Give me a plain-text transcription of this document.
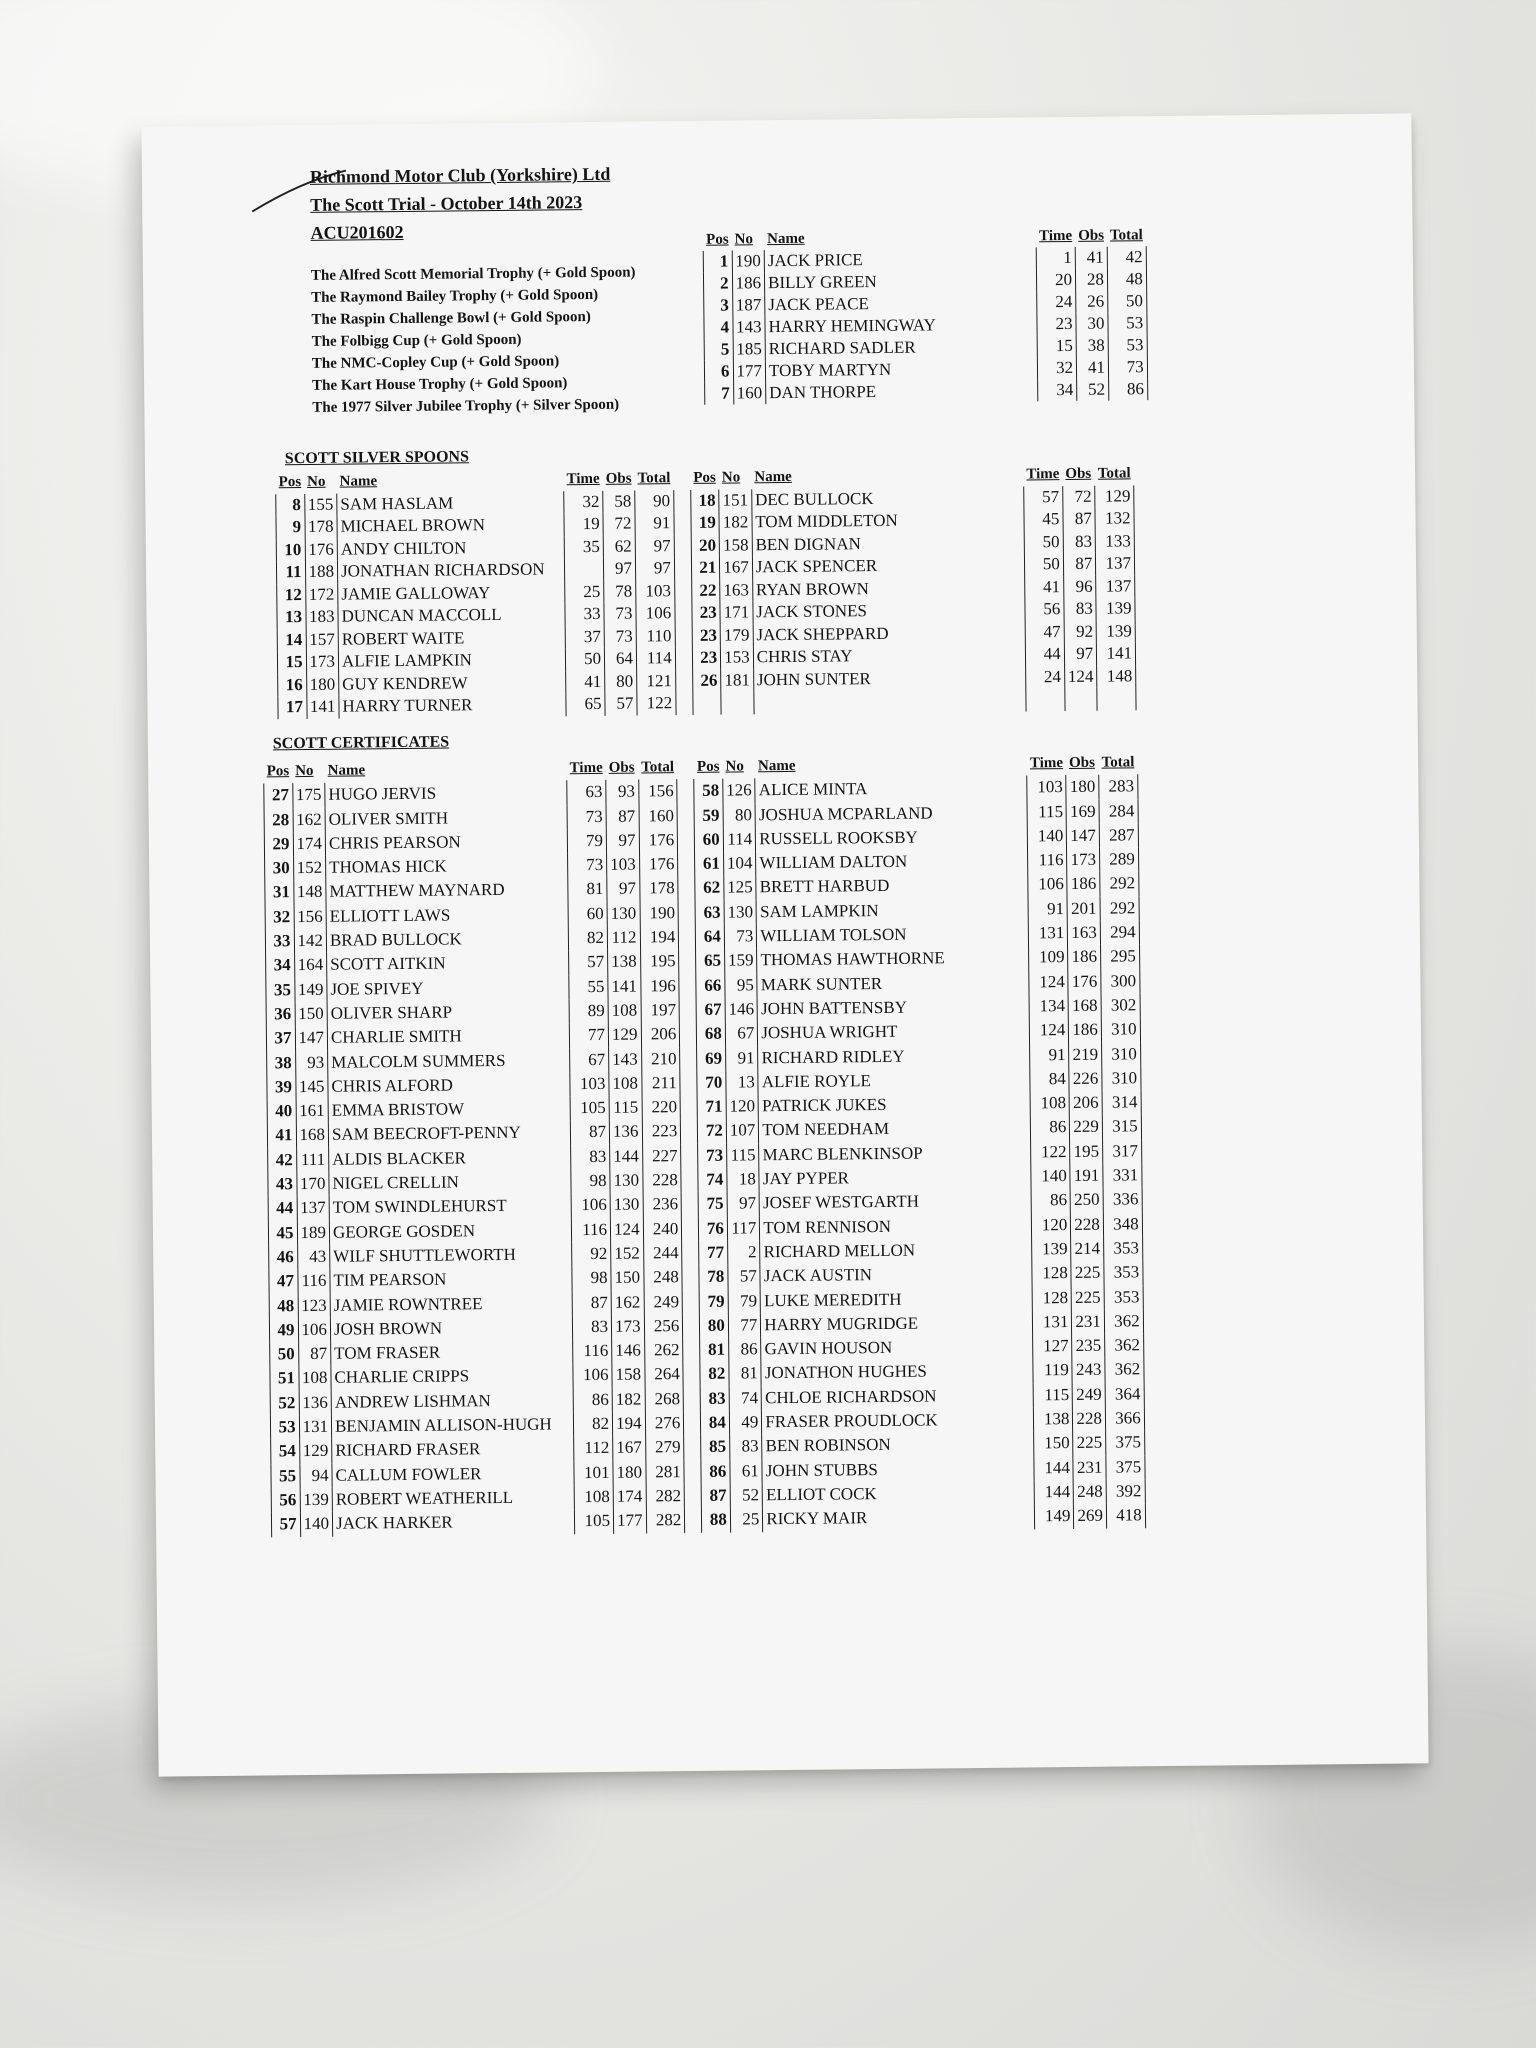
Richmond Motor Club (Yorkshire) Ltd
The Scott Trial - October 14th 2023
ACU201602
The Alfred Scott Memorial Trophy (+ Gold Spoon)
The Raymond Bailey Trophy (+ Gold Spoon)
The Raspin Challenge Bowl (+ Gold Spoon)
The Folbigg Cup (+ Gold Spoon)
The NMC-Copley Cup (+ Gold Spoon)
The Kart House Trophy (+ Gold Spoon)
The 1977 Silver Jubilee Trophy (+ Silver Spoon)
Pos	No	Name	Time	Obs	Total
1	190	JACK PRICE	1	41	42
2	186	BILLY GREEN	20	28	48
3	187	JACK PEACE	24	26	50
4	143	HARRY HEMINGWAY	23	30	53
5	185	RICHARD SADLER	15	38	53
6	177	TOBY MARTYN	32	41	73
7	160	DAN THORPE	34	52	86
SCOTT SILVER SPOONS
Pos	No	Name	Time	Obs	Total		Pos	No	Name	Time	Obs	Total
8	155	SAM HASLAM	32	58	90		18	151	DEC BULLOCK	57	72	129
9	178	MICHAEL BROWN	19	72	91		19	182	TOM MIDDLETON	45	87	132
10	176	ANDY CHILTON	35	62	97		20	158	BEN DIGNAN	50	83	133
11	188	JONATHAN RICHARDSON		97	97		21	167	JACK SPENCER	50	87	137
12	172	JAMIE GALLOWAY	25	78	103		22	163	RYAN BROWN	41	96	137
13	183	DUNCAN MACCOLL	33	73	106		23	171	JACK STONES	56	83	139
14	157	ROBERT WAITE	37	73	110		23	179	JACK SHEPPARD	47	92	139
15	173	ALFIE LAMPKIN	50	64	114		23	153	CHRIS STAY	44	97	141
16	180	GUY KENDREW	41	80	121		26	181	JOHN SUNTER	24	124	148
17	141	HARRY TURNER	65	57	122							
SCOTT CERTIFICATES
Pos	No	Name	Time	Obs	Total		Pos	No	Name	Time	Obs	Total
27	175	HUGO JERVIS	63	93	156		58	126	ALICE MINTA	103	180	283
28	162	OLIVER SMITH	73	87	160		59	80	JOSHUA MCPARLAND	115	169	284
29	174	CHRIS PEARSON	79	97	176		60	114	RUSSELL ROOKSBY	140	147	287
30	152	THOMAS HICK	73	103	176		61	104	WILLIAM DALTON	116	173	289
31	148	MATTHEW MAYNARD	81	97	178		62	125	BRETT HARBUD	106	186	292
32	156	ELLIOTT LAWS	60	130	190		63	130	SAM LAMPKIN	91	201	292
33	142	BRAD BULLOCK	82	112	194		64	73	WILLIAM TOLSON	131	163	294
34	164	SCOTT AITKIN	57	138	195		65	159	THOMAS HAWTHORNE	109	186	295
35	149	JOE SPIVEY	55	141	196		66	95	MARK SUNTER	124	176	300
36	150	OLIVER SHARP	89	108	197		67	146	JOHN BATTENSBY	134	168	302
37	147	CHARLIE SMITH	77	129	206		68	67	JOSHUA WRIGHT	124	186	310
38	93	MALCOLM SUMMERS	67	143	210		69	91	RICHARD RIDLEY	91	219	310
39	145	CHRIS ALFORD	103	108	211		70	13	ALFIE ROYLE	84	226	310
40	161	EMMA BRISTOW	105	115	220		71	120	PATRICK JUKES	108	206	314
41	168	SAM BEECROFT-PENNY	87	136	223		72	107	TOM NEEDHAM	86	229	315
42	111	ALDIS BLACKER	83	144	227		73	115	MARC BLENKINSOP	122	195	317
43	170	NIGEL CRELLIN	98	130	228		74	18	JAY PYPER	140	191	331
44	137	TOM SWINDLEHURST	106	130	236		75	97	JOSEF WESTGARTH	86	250	336
45	189	GEORGE GOSDEN	116	124	240		76	117	TOM RENNISON	120	228	348
46	43	WILF SHUTTLEWORTH	92	152	244		77	2	RICHARD MELLON	139	214	353
47	116	TIM PEARSON	98	150	248		78	57	JACK AUSTIN	128	225	353
48	123	JAMIE ROWNTREE	87	162	249		79	79	LUKE MEREDITH	128	225	353
49	106	JOSH BROWN	83	173	256		80	77	HARRY MUGRIDGE	131	231	362
50	87	TOM FRASER	116	146	262		81	86	GAVIN HOUSON	127	235	362
51	108	CHARLIE CRIPPS	106	158	264		82	81	JONATHON HUGHES	119	243	362
52	136	ANDREW LISHMAN	86	182	268		83	74	CHLOE RICHARDSON	115	249	364
53	131	BENJAMIN ALLISON-HUGH	82	194	276		84	49	FRASER PROUDLOCK	138	228	366
54	129	RICHARD FRASER	112	167	279		85	83	BEN ROBINSON	150	225	375
55	94	CALLUM FOWLER	101	180	281		86	61	JOHN STUBBS	144	231	375
56	139	ROBERT WEATHERILL	108	174	282		87	52	ELLIOT COCK	144	248	392
57	140	JACK HARKER	105	177	282		88	25	RICKY MAIR	149	269	418
